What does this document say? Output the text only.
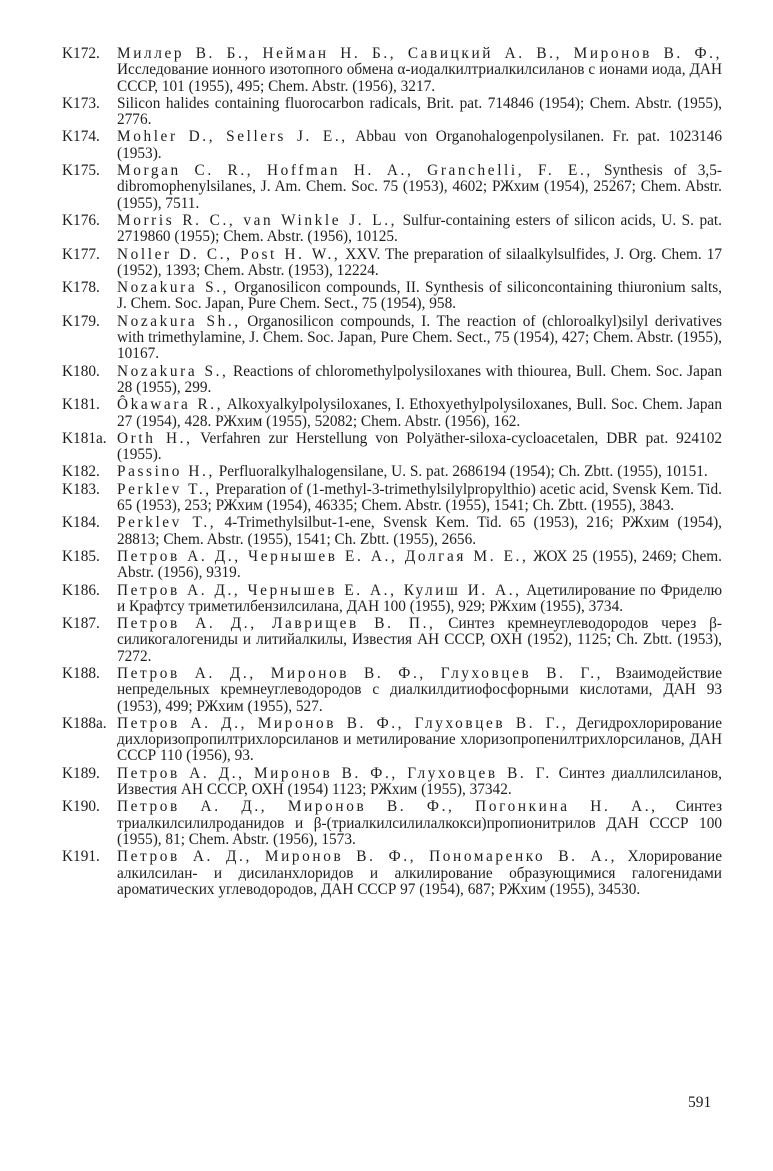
K172.	Миллер В. Б., Нейман Н. Б., Савицкий А. В., Миронов В. Ф., Исследование ионного изотопного обмена α-иодалкилтриалкилсиланов с ионами иода, ДАН СССР, 101 (1955), 495; Chem. Abstr. (1956), 3217.
K173.	Silicon halides containing fluorocarbon radicals, Brit. pat. 714846 (1954); Chem. Abstr. (1955), 2776.
K174.	Mohler D., Sellers J. E., Abbau von Organohalogenpolysilanen. Fr. pat. 1023146 (1953).
K175.	Morgan C. R., Hoffman H. A., Granchelli, F. E., Synthesis of 3,5-dibromophenylsilanes, J. Am. Chem. Soc. 75 (1953), 4602; РЖхим (1954), 25267; Chem. Abstr. (1955), 7511.
K176.	Morris R. C., van Winkle J. L., Sulfur-containing esters of silicon acids, U. S. pat. 2719860 (1955); Chem. Abstr. (1956), 10125.
K177.	Noller D. C., Post H. W., XXV. The preparation of silaalkylsulfides, J. Org. Chem. 17 (1952), 1393; Chem. Abstr. (1953), 12224.
K178.	Nozakura S., Organosilicon compounds, II. Synthesis of siliconcontaining thiuronium salts, J. Chem. Soc. Japan, Pure Chem. Sect., 75 (1954), 958.
K179.	Nozakura Sh., Organosilicon compounds, I. The reaction of (chloroalkyl)silyl derivatives with trimethylamine, J. Chem. Soc. Japan, Pure Chem. Sect., 75 (1954), 427; Chem. Abstr. (1955), 10167.
K180.	Nozakura S., Reactions of chloromethylpolysiloxanes with thiourea, Bull. Chem. Soc. Japan 28 (1955), 299.
K181.	Ôkawara R., Alkoxyalkylpolysiloxanes, I. Ethoxyethylpolysiloxanes, Bull. Soc. Chem. Japan 27 (1954), 428. РЖхим (1955), 52082; Chem. Abstr. (1956), 162.
K181a. Orth H., Verfahren zur Herstellung von Polyäther-siloxa-cycloacetalen, DBR pat. 924102 (1955).
K182.	Passino H., Perfluoralkylhalogensilane, U. S. pat. 2686194 (1954); Ch. Zbtt. (1955), 10151.
K183.	Perklev T., Preparation of (1-methyl-3-trimethylsilylpropylthio) acetic acid, Svensk Kem. Tid. 65 (1953), 253; РЖхим (1954), 46335; Chem. Abstr. (1955), 1541; Ch. Zbtt. (1955), 3843.
K184.	Perklev T., 4-Trimethylsilbut-1-ene, Svensk Kem. Tid. 65 (1953), 216; РЖхим (1954), 28813; Chem. Abstr. (1955), 1541; Ch. Zbtt. (1955), 2656.
K185.	Петров А. Д., Чернышев Е. А., Долгая М. Е., ЖОХ 25 (1955), 2469; Chem. Abstr. (1956), 9319.
K186.	Петров А. Д., Чернышев Е. А., Кулиш И. А., Ацетилирование по Фриделю и Крафтсу триметилбензилсилана, ДАН 100 (1955), 929; РЖхим (1955), 3734.
K187.	Петров А. Д., Лаврищев В. П., Синтез кремнеуглеводородов через β-силикогалогениды и литийалкилы, Известия АН СССР, ОХН (1952), 1125; Ch. Zbtt. (1953), 7272.
K188.	Петров А. Д., Миронов В. Ф., Глуховцев В. Г., Взаимодействие непредельных кремнеуглеводородов с диалкилдитиофосфорными кислотами, ДАН 93 (1953), 499; РЖхим (1955), 527.
K188a. Петров А. Д., Миронов В. Ф., Глуховцев В. Г., Дегидрохлорирование дихлоризопропилтрихлорсиланов и метилирование хлоризопропенилтрихлорсиланов, ДАН СССР 110 (1956), 93.
K189.	Петров А. Д., Миронов В. Ф., Глуховцев В. Г. Синтез диаллилсиланов, Известия АН СССР, ОХН (1954) 1123; РЖхим (1955), 37342.
K190.	Петров А. Д., Миронов В. Ф., Погонкина Н. А., Синтез триалкилсилилроданидов и β-(триалкилсилилалкокси)пропионитрилов ДАН СССР 100 (1955), 81; Chem. Abstr. (1956), 1573.
K191.	Петров А. Д., Миронов В. Ф., Пономаренко В. А., Хлорирование алкилсилан- и дисиланхлоридов и алкилирование образующимися галогенидами ароматических углеводородов, ДАН СССР 97 (1954), 687; РЖхим (1955), 34530.
591
